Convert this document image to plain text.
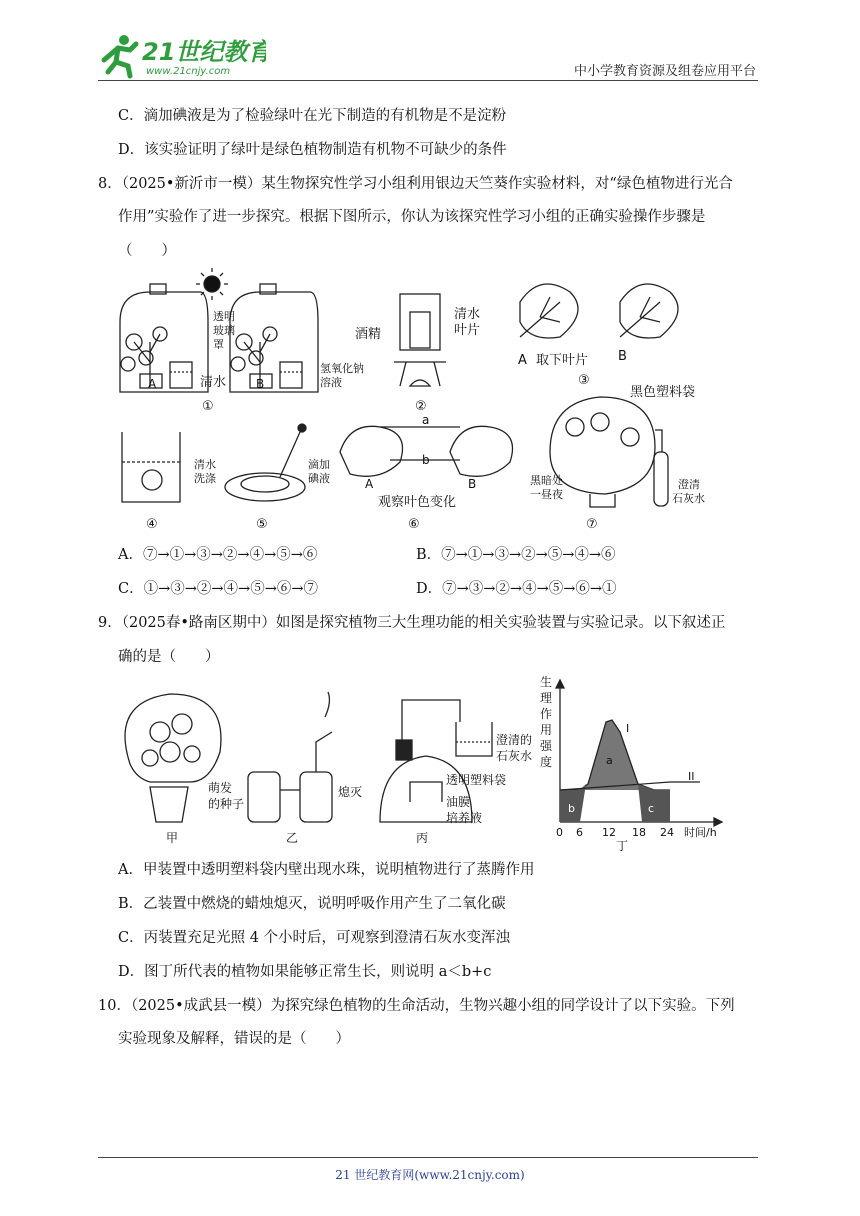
21世纪教育
www.21cnjy.com	中小学教育资源及组卷应用平台
C．滴加碘液是为了检验绿叶在光下制造的有机物是不是淀粉
D．该实验证明了绿叶是绿色植物制造有机物不可缺少的条件
8．（2025•新沂市一模）某生物探究性学习小组利用银边天竺葵作实验材料，对“绿色植物进行光合
作用”实验作了进一步探究。根据下图所示，你认为该探究性学习小组的正确实验操作步骤是
（　　）
透明
玻璃
罩
清水
氢氧化钠
溶液
A	B
①
酒精
清水
叶片
②
A 取下叶片 B
③
清水
洗涤
④
滴加
碘液
⑤
a
b
A	B
观察叶色变化
⑥
黑色塑料袋
黑暗处
一昼夜
澄清
石灰水
⑦
A．⑦→①→③→②→④→⑤→⑥	B．⑦→①→③→②→⑤→④→⑥
C．①→③→②→④→⑤→⑥→⑦	D．⑦→③→②→④→⑤→⑥→①
9．（2025春•路南区期中）如图是探究植物三大生理功能的相关实验装置与实验记录。以下叙述正
确的是（　　）
甲
萌发
的种子
熄灭
乙
澄清的
石灰水
透明塑料袋
油膜
培养液
丙
生
理
作
用
强
度
I
II
a
b	c
0 6 12 18 24 时间/h
丁
A．甲装置中透明塑料袋内壁出现水珠，说明植物进行了蒸腾作用
B．乙装置中燃烧的蜡烛熄灭，说明呼吸作用产生了二氧化碳
C．丙装置充足光照 4 个小时后，可观察到澄清石灰水变浑浊
D．图丁所代表的植物如果能够正常生长，则说明 a＜b+c
10．（2025•成武县一模）为探究绿色植物的生命活动，生物兴趣小组的同学设计了以下实验。下列
实验现象及解释，错误的是（　　）
21 世纪教育网(www.21cnjy.com)
